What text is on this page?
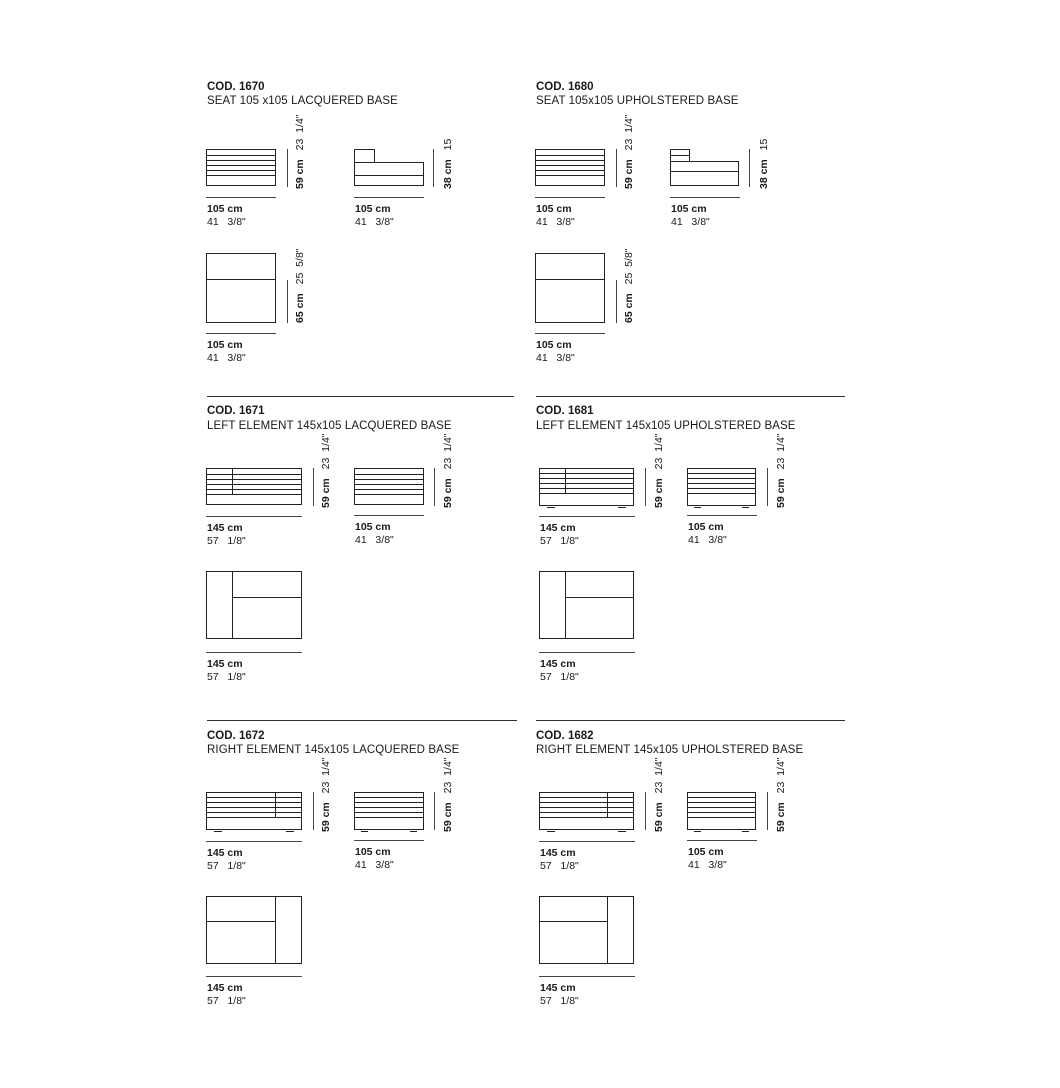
COD. 1670
SEAT 105 x105 LACQUERED BASE
59 cm  23  1/4"
105 cm
41   3/8"
38 cm  15
105 cm
41   3/8"
65 cm  25  5/8"
105 cm
41   3/8"
COD. 1680
SEAT 105x105 UPHOLSTERED BASE
59 cm  23  1/4"
105 cm
41   3/8"
38 cm  15
105 cm
41   3/8"
65 cm  25  5/8"
105 cm
41   3/8"
COD. 1671
LEFT ELEMENT 145x105 LACQUERED BASE
59 cm  23  1/4"
145 cm
57   1/8"
59 cm  23  1/4"
105 cm
41   3/8"
145 cm
57   1/8"
COD. 1681
LEFT ELEMENT 145x105 UPHOLSTERED BASE
59 cm  23  1/4"
145 cm
57   1/8"
59 cm  23  1/4"
105 cm
41   3/8"
145 cm
57   1/8"
COD. 1672
RIGHT ELEMENT 145x105 LACQUERED BASE
59 cm  23  1/4"
145 cm
57   1/8"
59 cm  23  1/4"
105 cm
41   3/8"
145 cm
57   1/8"
COD. 1682
RIGHT ELEMENT 145x105 UPHOLSTERED BASE
59 cm  23  1/4"
145 cm
57   1/8"
59 cm  23  1/4"
105 cm
41   3/8"
145 cm
57   1/8"
